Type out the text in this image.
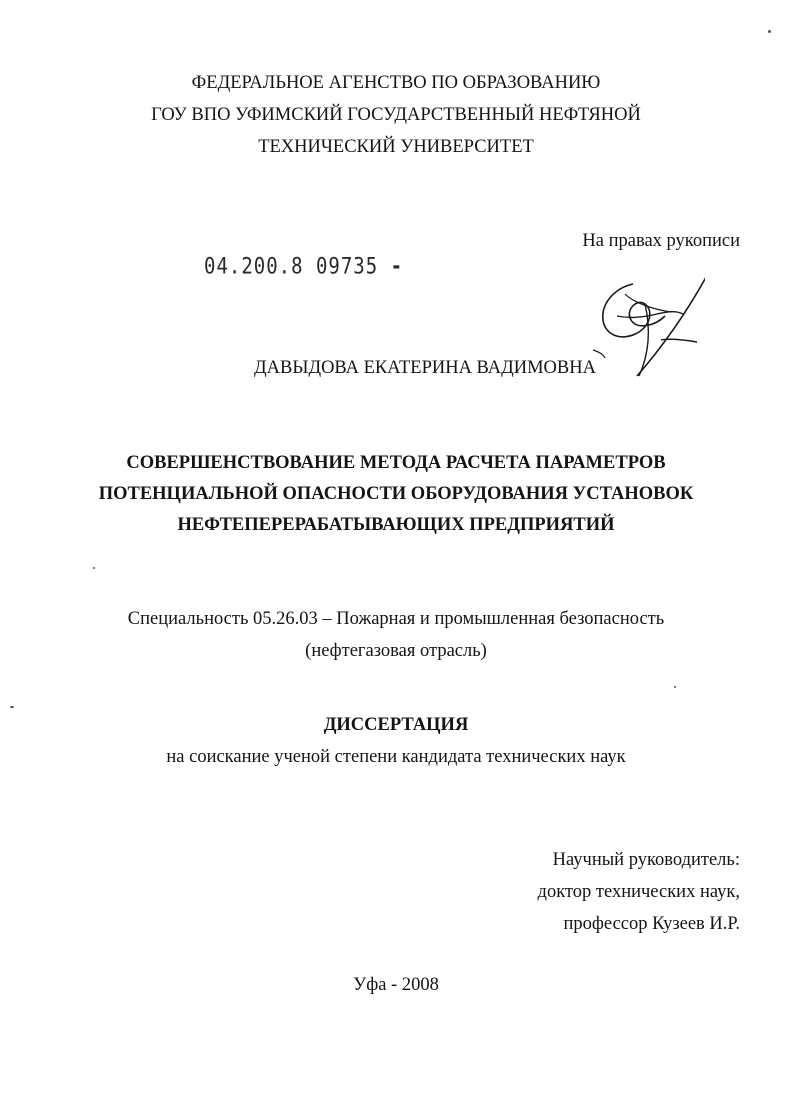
ФЕДЕРАЛЬНОЕ АГЕНСТВО ПО ОБРАЗОВАНИЮ
ГОУ ВПО УФИМСКИЙ ГОСУДАРСТВЕННЫЙ НЕФТЯНОЙ
ТЕХНИЧЕСКИЙ УНИВЕРСИТЕТ
На правах рукописи
04.200.8 09735 -
ДАВЫДОВА ЕКАТЕРИНА ВАДИМОВНА
СОВЕРШЕНСТВОВАНИЕ МЕТОДА РАСЧЕТА ПАРАМЕТРОВ
ПОТЕНЦИАЛЬНОЙ ОПАСНОСТИ ОБОРУДОВАНИЯ УСТАНОВОК
НЕФТЕПЕРЕРАБАТЫВАЮЩИХ ПРЕДПРИЯТИЙ
Специальность 05.26.03 – Пожарная и промышленная безопасность
(нефтегазовая отрасль)
ДИССЕРТАЦИЯ
на соискание ученой степени кандидата технических наук
Научный руководитель:
доктор технических наук,
профессор Кузеев И.Р.
Уфа - 2008
